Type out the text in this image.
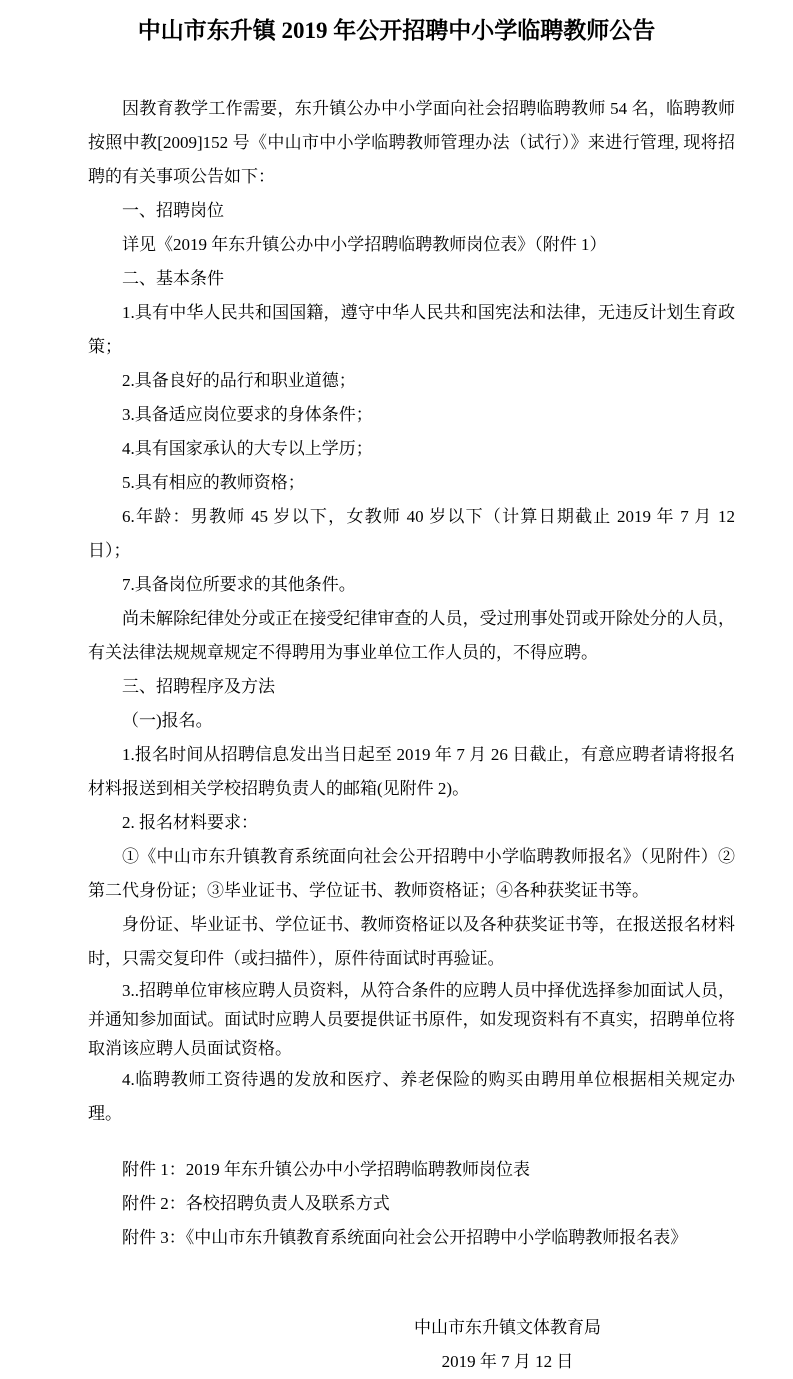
中山市东升镇 2019 年公开招聘中小学临聘教师公告

因教育教学工作需要，东升镇公办中小学面向社会招聘临聘教师 54 名，临聘教师按照中教[2009]152 号《中山市中小学临聘教师管理办法（试行）》来进行管理, 现将招聘的有关事项公告如下：

一、招聘岗位

详见《2019 年东升镇公办中小学招聘临聘教师岗位表》（附件 1）

二、基本条件

1.具有中华人民共和国国籍，遵守中华人民共和国宪法和法律，无违反计划生育政策；

2.具备良好的品行和职业道德；

3.具备适应岗位要求的身体条件；

4.具有国家承认的大专以上学历；

5.具有相应的教师资格；

6.年龄：男教师 45 岁以下，女教师 40 岁以下（计算日期截止 2019 年 7 月 12 日）；

7.具备岗位所要求的其他条件。

尚未解除纪律处分或正在接受纪律审查的人员，受过刑事处罚或开除处分的人员，有关法律法规规章规定不得聘用为事业单位工作人员的，不得应聘。

三、招聘程序及方法

（一)报名。

1.报名时间从招聘信息发出当日起至 2019 年 7 月 26 日截止，有意应聘者请将报名材料报送到相关学校招聘负责人的邮箱(见附件 2)。

2. 报名材料要求：

①《中山市东升镇教育系统面向社会公开招聘中小学临聘教师报名》（见附件）②第二代身份证；③毕业证书、学位证书、教师资格证；④各种获奖证书等。

身份证、毕业证书、学位证书、教师资格证以及各种获奖证书等，在报送报名材料时，只需交复印件（或扫描件），原件待面试时再验证。

3..招聘单位审核应聘人员资料，从符合条件的应聘人员中择优选择参加面试人员，并通知参加面试。面试时应聘人员要提供证书原件，如发现资料有不真实，招聘单位将取消该应聘人员面试资格。

4.临聘教师工资待遇的发放和医疗、养老保险的购买由聘用单位根据相关规定办理。

附件 1：2019 年东升镇公办中小学招聘临聘教师岗位表

附件 2：各校招聘负责人及联系方式

附件 3：《中山市东升镇教育系统面向社会公开招聘中小学临聘教师报名表》

中山市东升镇文体教育局

2019 年 7 月 12 日
